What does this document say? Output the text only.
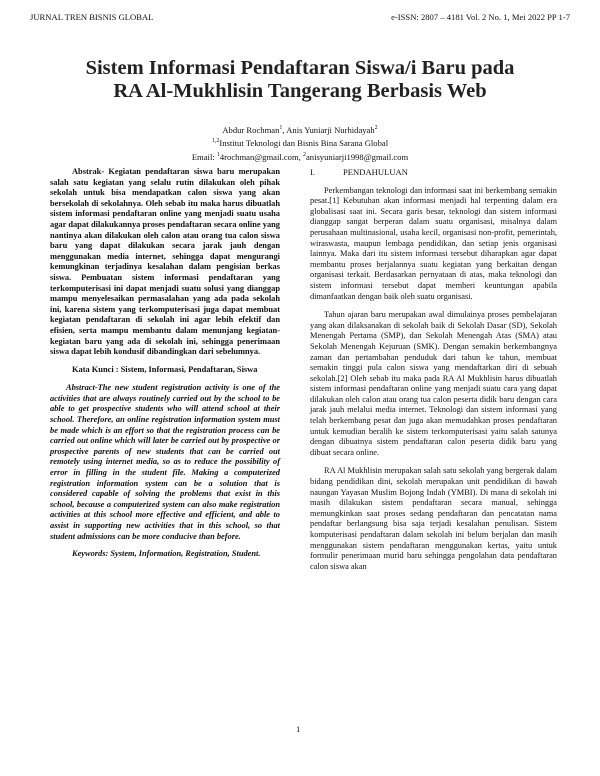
JURNAL TREN BISNIS GLOBAL	e-ISSN: 2807 – 4181 Vol. 2 No. 1, Mei 2022 PP 1-7
Sistem Informasi Pendaftaran Siswa/i Baru pada
RA Al-Mukhlisin Tangerang Berbasis Web
Abdur Rochman$^1$, Anis Yuniarji Nurhidayah$^2$
$^{1,2}$Institut Teknologi dan Bisnis Bina Sarana Global
Email: $^1$4rochman@gmail.com, $^2$anisyuniarji1998@gmail.com

Abstrak- Kegiatan pendaftaran siswa baru merupakan salah satu kegiatan yang selalu rutin dilakukan oleh pihak sekolah untuk bisa mendapatkan calon siswa yang akan bersekolah di sekolahnya. Oleh sebab itu maka harus dibuatlah sistem informasi pendaftaran online yang menjadi suatu usaha agar dapat dilakukannya proses pendaftaran secara online yang nantinya akan dilakukan oleh calon atau orang tua calon siswa baru yang dapat dilakukan secara jarak jauh dengan menggunakan media internet, sehingga dapat mengurangi kemungkinan terjadinya kesalahan dalam pengisian berkas siswa. Pembuatan sistem informasi pendaftaran yang terkomputerisasi ini dapat menjadi suatu solusi yang dianggap mampu menyelesaikan permasalahan yang ada pada sekolah ini, karena sistem yang terkomputerisasi juga dapat membuat kegiatan pendaftaran di sekolah ini agar lebih efektif dan efisien, serta mampu membantu dalam menunjang kegiatan-kegiatan baru yang ada di sekolah ini, sehingga penerimaan siswa dapat lebih kondusif dibandingkan dari sebelumnya.

Kata Kunci : Sistem, Informasi, Pendaftaran, Siswa

Abstract-The new student registration activity is one of the activities that are always routinely carried out by the school to be able to get prospective students who will attend school at their school. Therefore, an online registration information system must be made which is an effort so that the registration process can be carried out online which will later be carried out by prospective or prospective parents of new students that can be carried out remotely using internet media, so as to reduce the possibility of error in filling in the student file. Making a computerized registration information system can be a solution that is considered capable of solving the problems that exist in this school, because a computerized system can also make registration activities at this school more effective and efficient, and able to assist in supporting new activities that in this school, so that student admissions can be more conducive than before.

Keywords: System, Information, Registration, Student.

I.	PENDAHULUAN

Perkembangan teknologi dan informasi saat ini berkembang semakin pesat.[1] Kebutuhan akan informasi menjadi hal terpenting dalam era globalisasi saat ini. Secara garis besar, teknologi dan sistem informasi dianggap sangat berperan dalam suatu organisasi, misalnya dalam perusahaan multinasional, usaha kecil, organisasi non-profit, pemerintah, wiraswasta, maupun lembaga pendidikan, dan setiap jenis organisasi lainnya. Maka dari itu sistem informasi tersebut diharapkan agar dapat membantu proses berjalannya suatu kegiatan yang berkaitan dengan organisasi terkait. Berdasarkan pernyataan di atas, maka teknologi dan sistem informasi tersebut dapat memberi keuntungan apabila dimanfaatkan dengan baik oleh suatu organisasi.

Tahun ajaran baru merupakan awal dimulainya proses pembelajaran yang akan dilaksanakan di sekolah baik di Sekolah Dasar (SD), Sekolah Menengah Pertama (SMP), dan Sekolah Menengah Atas (SMA) atau Sekolah Menengah Kejuruan (SMK). Dengan semakin berkembangnya zaman dan pertambahan penduduk dari tahun ke tahun, membuat semakin tinggi pula calon siswa yang mendaftarkan diri di sebuah sekolah.[2] Oleh sebab itu maka pada RA Al Mukhlisin harus dibuatlah sistem informasi pendaftaran online yang menjadi suatu cara yang dapat dilakukan oleh calon atau orang tua calon peserta didik baru dengan cara jarak jauh melalui media internet. Teknologi dan sistem informasi yang telah berkembang pesat dan juga akan memudahkan proses pendaftaran untuk kemudian beralih ke sistem terkomputerisasi yaitu salah satunya dengan dibuatnya sistem pendaftaran calon peserta didik baru yang dibuat secara online.

RA Al Mukhlisin merupakan salah satu sekolah yang bergerak dalam bidang pendidikan dini, sekolah merupakan unit pendidikan di bawah naungan Yayasan Muslim Bojong Indah (YMBI). Di mana di sekolah ini masih dilakukan sistem pendaftaran secara manual, sehingga memungkinkan saat proses sedang pendaftaran dan pencatatan nama pendaftar berlangsung bisa saja terjadi kesalahan penulisan. Sistem komputerisasi pendaftaran dalam sekolah ini belum berjalan dan masih menggunakan sistem pendaftaran menggunakan kertas, yaitu untuk formulir penerimaan murid baru sehingga pengolahan data pendaftaran calon siswa akan

1
